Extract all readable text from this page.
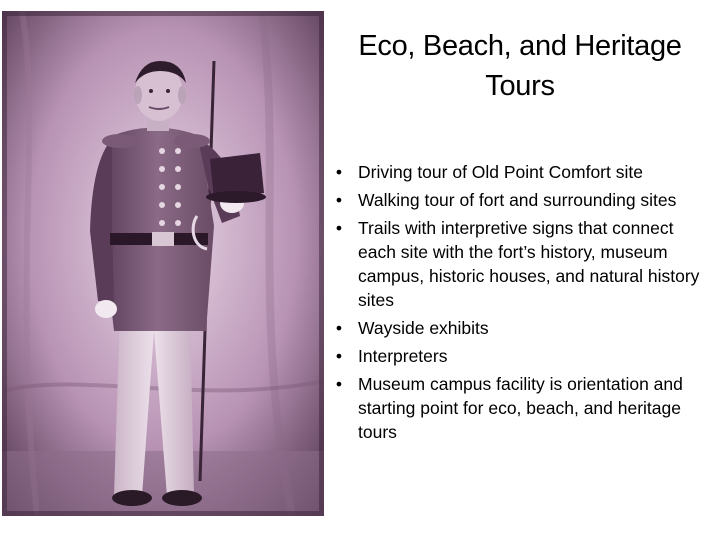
Eco, Beach, and Heritage Tours
• Driving tour of Old Point Comfort site
• Walking tour of fort and surrounding sites
• Trails with interpretive signs that connect each site with the fort’s history, museum campus, historic houses, and natural history sites
• Wayside exhibits
• Interpreters
• Museum campus facility is orientation and starting point for eco, beach, and heritage tours
